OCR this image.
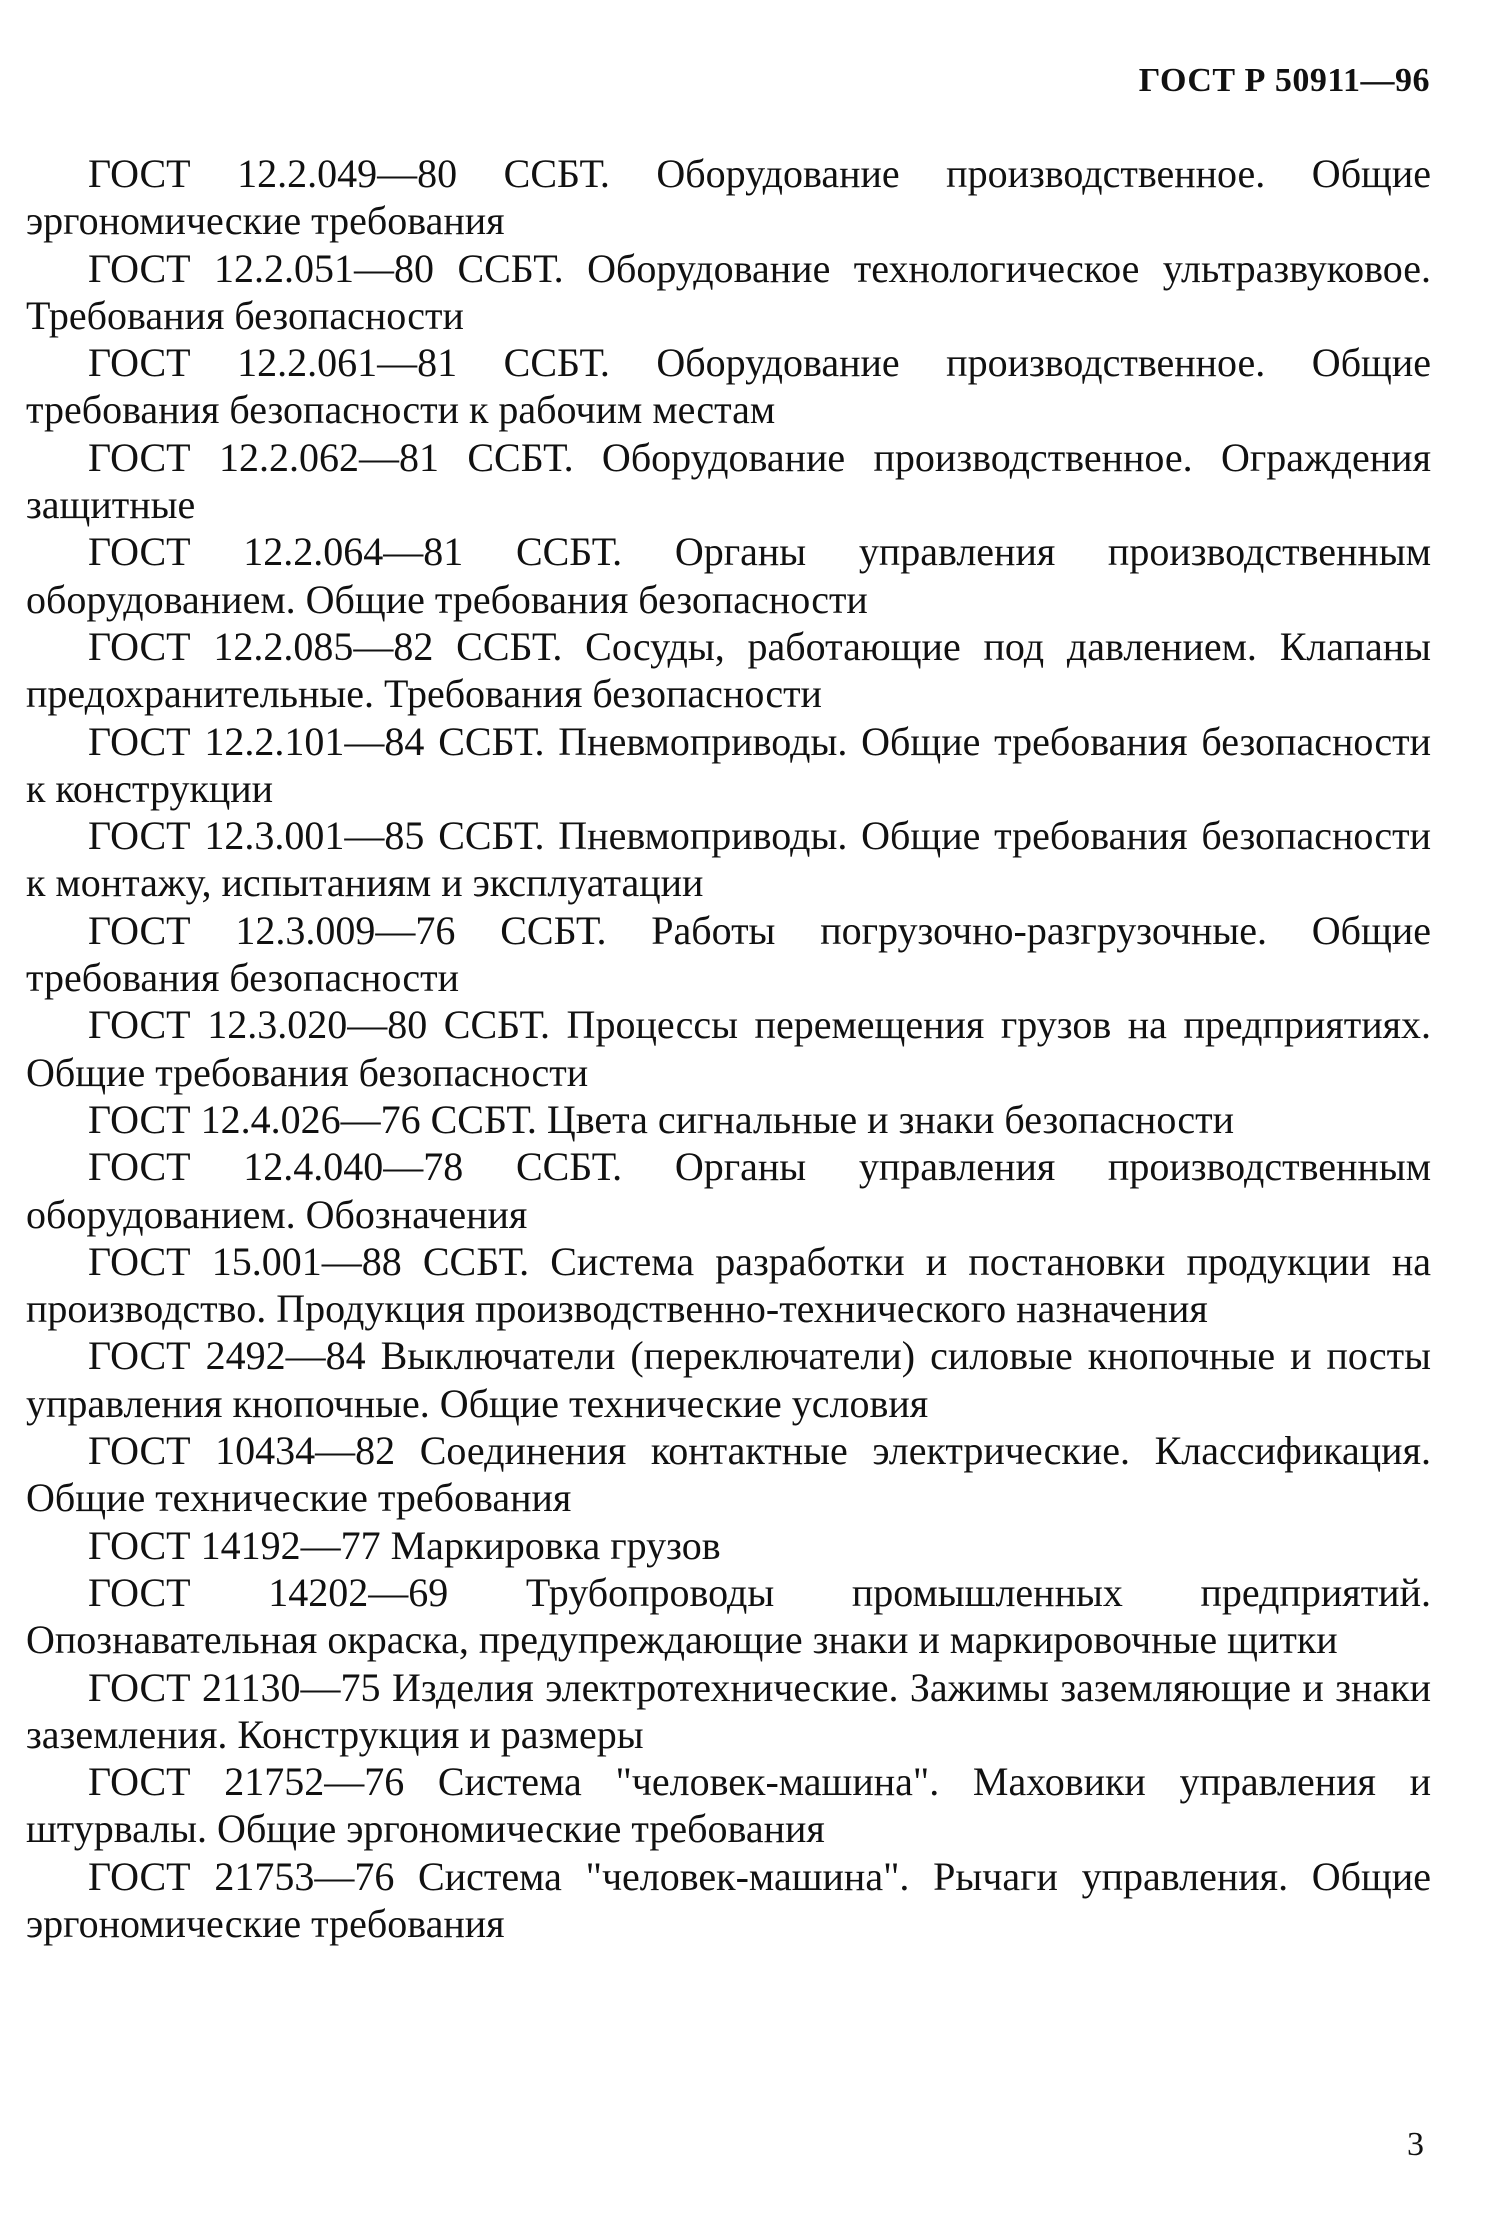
ГОСТ Р 50911—96

ГОСТ 12.2.049—80 ССБТ. Оборудование производственное. Общие эргономические требования

ГОСТ 12.2.051—80 ССБТ. Оборудование технологическое ультразвуковое. Требования безопасности

ГОСТ 12.2.061—81 ССБТ. Оборудование производственное. Общие требования безопасности к рабочим местам

ГОСТ 12.2.062—81 ССБТ. Оборудование производственное. Ограждения защитные

ГОСТ 12.2.064—81 ССБТ. Органы управления производственным оборудованием. Общие требования безопасности

ГОСТ 12.2.085—82 ССБТ. Сосуды, работающие под давлением. Клапаны предохранительные. Требования безопасности

ГОСТ 12.2.101—84 ССБТ. Пневмоприводы. Общие требования безопасности к конструкции

ГОСТ 12.3.001—85 ССБТ. Пневмоприводы. Общие требования безопасности к монтажу, испытаниям и эксплуатации

ГОСТ 12.3.009—76 ССБТ. Работы погрузочно-разгрузочные. Общие требования безопасности

ГОСТ 12.3.020—80 ССБТ. Процессы перемещения грузов на предприятиях. Общие требования безопасности

ГОСТ 12.4.026—76 ССБТ. Цвета сигнальные и знаки безопасности

ГОСТ 12.4.040—78 ССБТ. Органы управления производственным оборудованием. Обозначения

ГОСТ 15.001—88 ССБТ. Система разработки и постановки продукции на производство. Продукция производственно-технического назначения

ГОСТ 2492—84 Выключатели (переключатели) силовые кнопочные и посты управления кнопочные. Общие технические условия

ГОСТ 10434—82 Соединения контактные электрические. Классификация. Общие технические требования

ГОСТ 14192—77 Маркировка грузов

ГОСТ 14202—69 Трубопроводы промышленных предприятий. Опознавательная окраска, предупреждающие знаки и маркировочные щитки

ГОСТ 21130—75 Изделия электротехнические. Зажимы заземляющие и знаки заземления. Конструкция и размеры

ГОСТ 21752—76 Система "человек-машина". Маховики управления и штурвалы. Общие эргономические требования

ГОСТ 21753—76 Система "человек-машина". Рычаги управления. Общие эргономические требования

3
